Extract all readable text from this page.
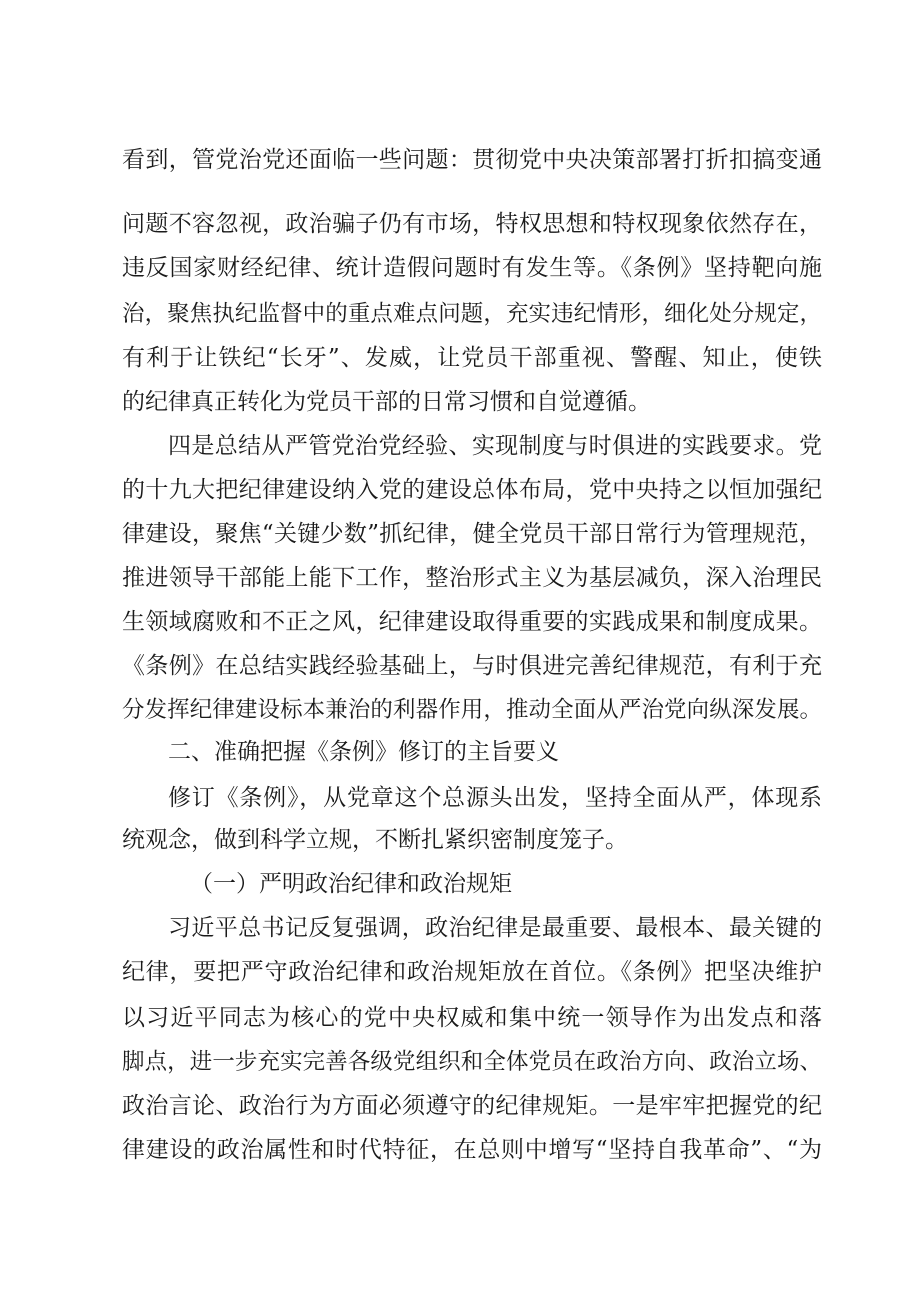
看到，管党治党还面临一些问题：贯彻党中央决策部署打折扣搞变通
问题不容忽视，政治骗子仍有市场，特权思想和特权现象依然存在，
违反国家财经纪律、统计造假问题时有发生等。《条例》坚持靶向施
治，聚焦执纪监督中的重点难点问题，充实违纪情形，细化处分规定，
有利于让铁纪“长牙”、发威，让党员干部重视、警醒、知止，使铁
的纪律真正转化为党员干部的日常习惯和自觉遵循。
四是总结从严管党治党经验、实现制度与时俱进的实践要求。党
的十九大把纪律建设纳入党的建设总体布局，党中央持之以恒加强纪
律建设，聚焦“关键少数”抓纪律，健全党员干部日常行为管理规范，
推进领导干部能上能下工作，整治形式主义为基层减负，深入治理民
生领域腐败和不正之风，纪律建设取得重要的实践成果和制度成果。
《条例》在总结实践经验基础上，与时俱进完善纪律规范，有利于充
分发挥纪律建设标本兼治的利器作用，推动全面从严治党向纵深发展。
二、准确把握《条例》修订的主旨要义
修订《条例》，从党章这个总源头出发，坚持全面从严，体现系
统观念，做到科学立规，不断扎紧织密制度笼子。
（一）严明政治纪律和政治规矩
习近平总书记反复强调，政治纪律是最重要、最根本、最关键的
纪律，要把严守政治纪律和政治规矩放在首位。《条例》把坚决维护
以习近平同志为核心的党中央权威和集中统一领导作为出发点和落
脚点，进一步充实完善各级党组织和全体党员在政治方向、政治立场、
政治言论、政治行为方面必须遵守的纪律规矩。一是牢牢把握党的纪
律建设的政治属性和时代特征，在总则中增写“坚持自我革命”、“为
